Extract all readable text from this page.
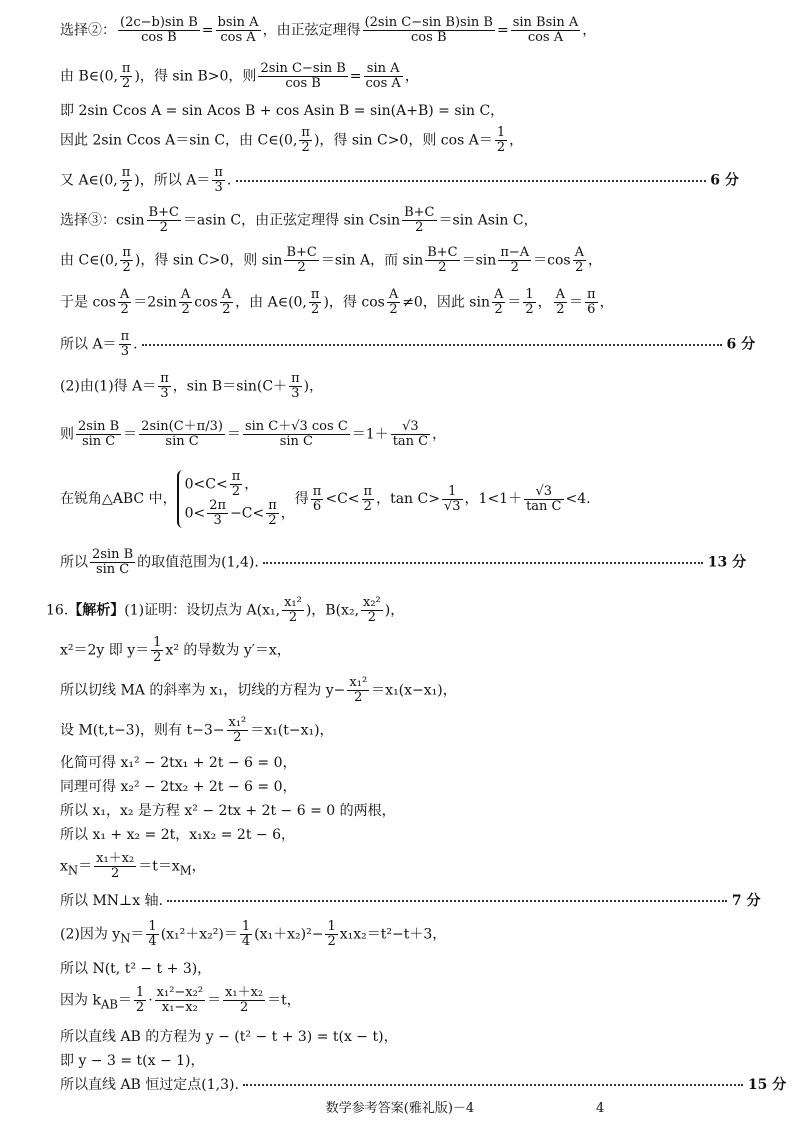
选择②： $\frac{\text{(2c−b)sin B}}{\text{cos B}} = \frac{\text{bsin A}}{\text{cos A}}$ ，由正弦定理得 $\frac{\text{(2sin C−sin B)sin B}}{\text{cos B}} = \frac{\text{sin Bsin A}}{\text{cos A}}$ ，
由 B∈(0, $\frac{\pi}{2}$ )，得 sin B>0，则 $\frac{\text{2sin C−sin B}}{\text{cos B}} = \frac{\text{sin A}}{\text{cos A}}$ ，
即 2sin Ccos A = sin Acos B + cos Asin B = sin(A+B) = sin C，
因此 2sin Ccos A＝sin C，由 C∈(0, $\frac{\pi}{2}$ )，得 sin C>0，则 $\cos A= \frac{1}{2}$ ，
又 A∈(0, $\frac{\pi}{2}$ )，所以 $A= \frac{\pi}{3}$ .	6 分
选择③：csin $\frac{B+C}{2} =asin$ C，由正弦定理得 sin Csin $\frac{B+C}{2} =\sin$ Asin C，
由 C∈(0, $\frac{\pi}{2}$ )，得 sin C>0，则 $\sin \frac{B+C}{2} =\sin$ A，而 $\sin \frac{B+C}{2} =\sin \frac{\pi-A}{2} =\cos \frac{A}{2}$ ，
于是 $\cos \frac{A}{2} =2\sin \frac{A}{2}$ $\cos \frac{A}{2}$ ，由 A∈(0, $\frac{\pi}{2}$ )，得 $\cos \frac{A}{2} \ne 0$，因此 $\sin \frac{A}{2} = \frac{1}{2}$ ， $\frac{A}{2} = \frac{\pi}{6}$ ，
所以 $A= \frac{\pi}{3}$ .	6 分
(2)由(1)得 $A= \frac{\pi}{3}$ ，$\sin B=\sin(C+ \frac{\pi}{3}$ )，
则 $\frac{\text{2sin B}}{\text{sin C}} = \frac{2\sin(C+\pi/3)}{\text{sin C}} = \frac{\text{sin C＋√3 cos C}}{\text{sin C}} =1+ \frac{√3}{\text{tan C}}$ ，
在锐角△ABC 中，
$0<C< \frac{\pi}{2}$ ，
$0< \frac{2\pi}{3} -C< \frac{\pi}{2}$ ，
得 $\frac{\pi}{6} <C< \frac{\pi}{2}$ ，$\tan C> \frac{1}{√3}$ ，$1<1+ \frac{√3}{\text{tan C}} <4$.
所以 $\frac{\text{2sin B}}{\text{sin C}}$ 的取值范围为(1,4).	13 分
16.【解析】(1)证明：设切点为 A(x₁, $\frac{\text{x₁²}}{2}$ )，B(x₂, $\frac{\text{x₂²}}{2}$ )，
x²＝2y 即 $y= \frac{1}{2} x^2$ 的导数为 y′＝x，
所以切线 MA 的斜率为 x₁，切线的方程为 $y- \frac{\text{x₁²}}{2} =x_1(x-x_1)$，
设 M(t,t−3)，则有 $t-3- \frac{\text{x₁²}}{2} =x_1(t-x_1)$，
化简可得 x₁² − 2tx₁ + 2t − 6 = 0，
同理可得 x₂² − 2tx₂ + 2t − 6 = 0，
所以 x₁，x₂ 是方程 x² − 2tx + 2t − 6 = 0 的两根，
所以 x₁ + x₂ = 2t，x₁x₂ = 2t − 6，
$x_N= \frac{\text{x₁＋x₂}}{2} =t=x_M$，
所以 MN⊥x 轴.	7 分
(2)因为 $y_N= \frac{1}{4} (x_1^2+x_2^2)= \frac{1}{4} (x_1+x_2)^2- \frac{1}{2} x_1x_2=t^2-t+3$，
所以 N(t, t² − t + 3)，
因为 $k_{AB}= \frac{1}{2} \cdot \frac{\text{x₁²−x₂²}}{\text{x₁−x₂}} = \frac{\text{x₁＋x₂}}{2} =t$，
所以直线 AB 的方程为 y − (t² − t + 3) = t(x − t)，
即 y − 3 = t(x − 1)，
所以直线 AB 恒过定点(1,3).	15 分
数学参考答案(雅礼版)－4	4
